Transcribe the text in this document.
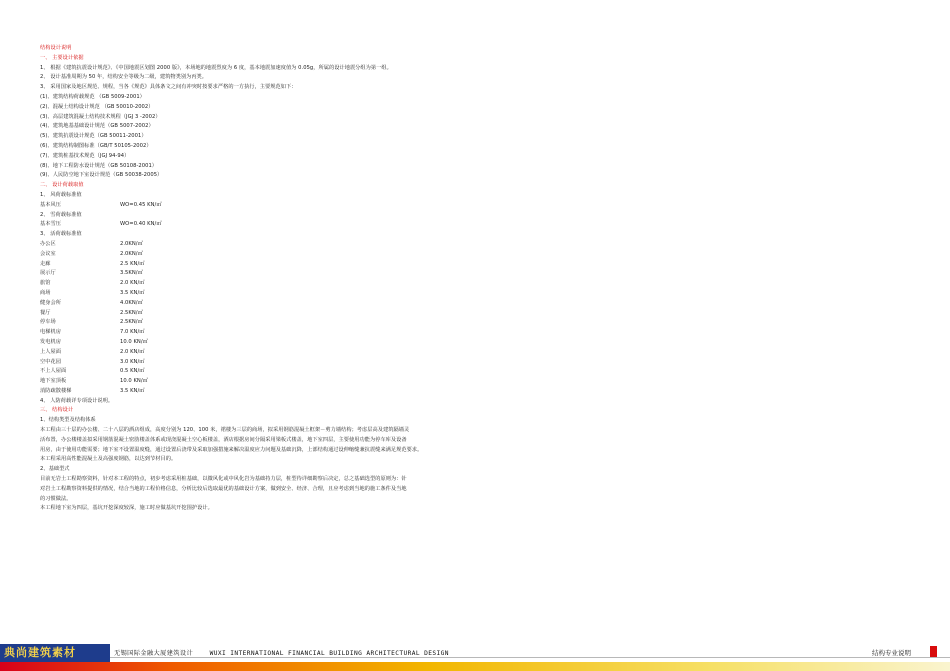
结构设计说明
一、 主要设计依据
1、 根据《建筑抗震设计规范》、《中国地震区划图 2000 版》，本场地的地震烈度为 6 度，基本地震加速度值为 0.05g，所属的设计地震分组为第一组。
2、 设计基准周期为 50 年，结构安全等级为二级，建筑物类别为丙类。
3、 采用国家及地区规范、规程，当各《规范》具体条文之间有冲突时按要求严格的一方执行，主要规范如下：
(1)、建筑结构荷载规范 （GB 5009-2001）
(2)、混凝土结构设计规范 （GB 50010-2002）
(3)、高层建筑混凝土结构技术规程（JGJ 3 -2002）
(4)、建筑地基基础设计规范（GB 5007-2002）
(5)、建筑抗震设计规范（GB 50011-2001）
(6)、建筑结构制图标准（GB/T 50105-2002）
(7)、建筑桩基技术规范（JGJ 94-94）
(8)、地下工程防水设计规范（GB 50108-2001）
(9)、人民防空地下室设计规范（GB 50038-2005）
二、 设计荷载取值
1、 风荷载标准值
基本风压	WO=0.45 KN/㎡
2、 雪荷载标准值
基本雪压	WO=0.40 KN/㎡
3、 活荷载标准值
办公区	2.0KN/㎡
会议室	2.0KN/㎡
走廊	2.5 KN/㎡
展示厅	3.5KN/㎡
旅馆	2.0 KN/㎡
商场	3.5 KN/㎡
健身会所	4.0KN/㎡
餐厅	2.5KN/㎡
停车场	2.5KN/㎡
电梯机房	7.0 KN/㎡
发电机房	10.0 KN/㎡
上人屋面	2.0 KN/㎡
空中花园	3.0 KN/㎡
不上人屋面	0.5 KN/㎡
地下室顶板	10.0 KN/㎡
消防疏散楼梯	3.5 KN/㎡
4、 人防荷载详专项设计说明。
三、 结构设计
1、结构类型及结构体系
本工程由三十层的办公楼、二十八层的酒店组成，高度分别为 120、100 米，裙楼为三层的商场，拟采用钢筋混凝土框架－剪力墙结构；考虑层高及建筑隔墙灵
活布置，办公楼楼盖拟采用钢筋混凝土密肋楼盖体系或现浇混凝土空心板楼盖，酒店根据房间分隔采用梁板式楼盖，地下室四层，主要使用功能为停车库及设备
用房，由于使用功能需要；地下室不设置温度缝，通过设置后浇带及采取加强措施来解决温度应力问题及基础沉降，上部结构通过设伸缩缝兼抗震缝来满足规范要求。
本工程采用高性能混凝土及高强度钢筋，以达到节材目的。
2、基础型式
目前无岩土工程勘察资料，针对本工程的特点，初步考虑采用桩基础，以微风化或中风化岩为基础持力层，桩型待详细勘察后决定，总之基础选型的原则为：针
对岩土工程勘察资料提供的情况，结合当地的工程价格信息，分析比较后选取最优的基础设计方案，做到安全、经济、合理，且应考虑到当地的施工条件及当地
的习惯做法。
本工程地下室为四层，基坑开挖深度较深，施工时应做基坑开挖围护设计。
典尚建筑素材	无锡国际金融大厦建筑设计	WUXI INTERNATIONAL FINANCIAL BUILDING ARCHITECTURAL DESIGN	结构专业说明
